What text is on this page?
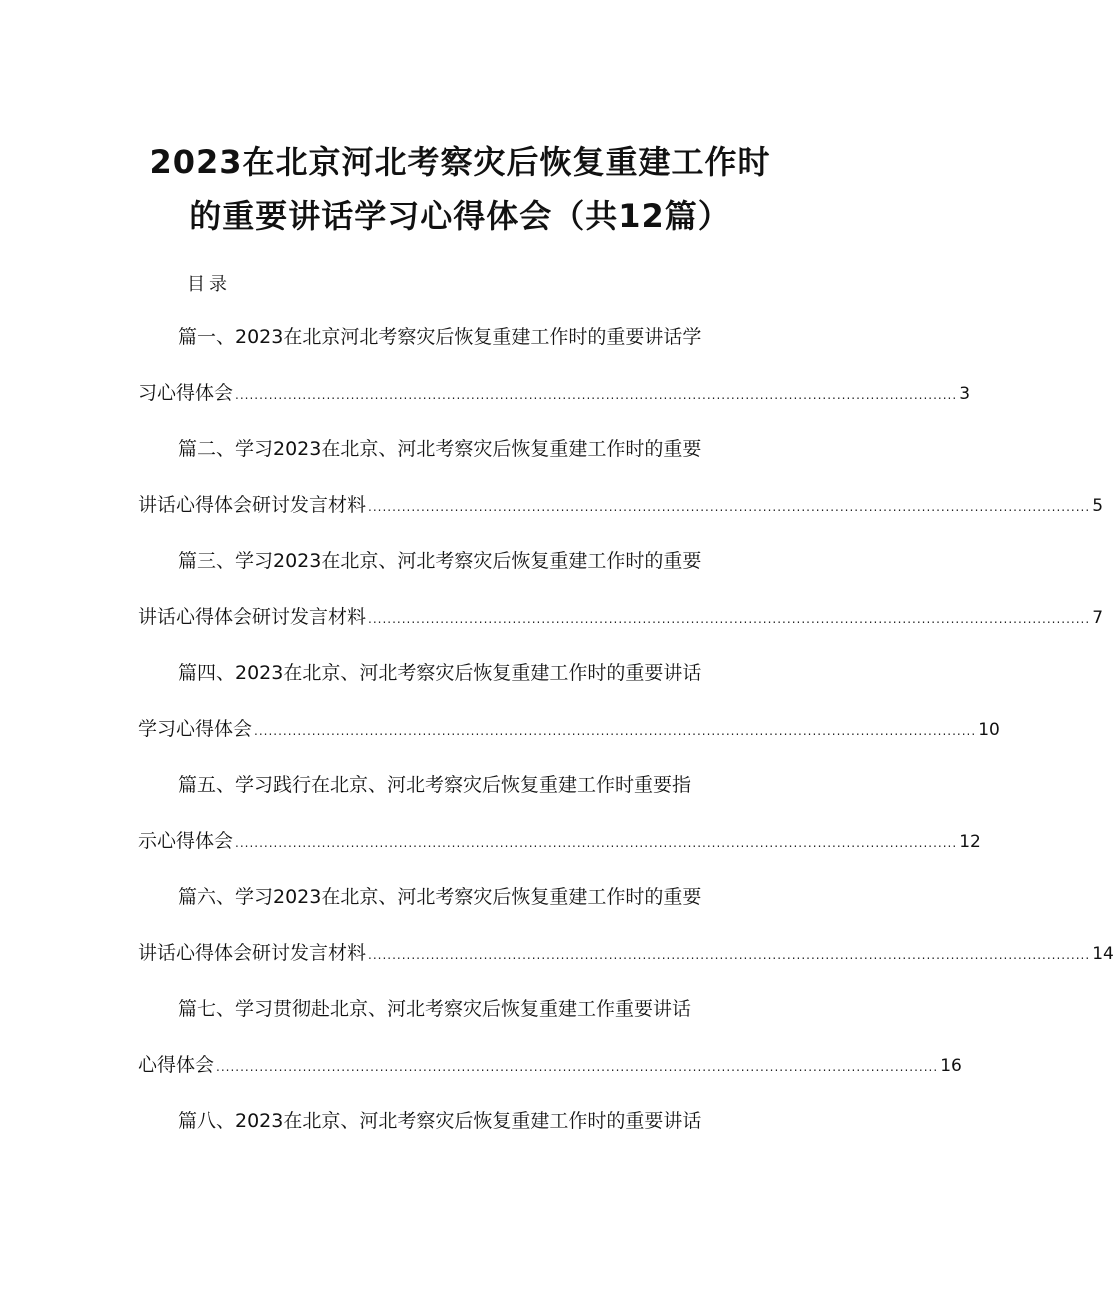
2023在北京河北考察灾后恢复重建工作时
的重要讲话学习心得体会（共12篇）
目录
篇一、2023在北京河北考察灾后恢复重建工作时的重要讲话学
习心得体会 ...................................................................................................................................................... 3
篇二、学习2023在北京、河北考察灾后恢复重建工作时的重要
讲话心得体会研讨发言材料 ...................................................................................................................................................... 5
篇三、学习2023在北京、河北考察灾后恢复重建工作时的重要
讲话心得体会研讨发言材料 ...................................................................................................................................................... 7
篇四、2023在北京、河北考察灾后恢复重建工作时的重要讲话
学习心得体会 ...................................................................................................................................................... 10
篇五、学习践行在北京、河北考察灾后恢复重建工作时重要指
示心得体会 ...................................................................................................................................................... 12
篇六、学习2023在北京、河北考察灾后恢复重建工作时的重要
讲话心得体会研讨发言材料 ...................................................................................................................................................... 14
篇七、学习贯彻赴北京、河北考察灾后恢复重建工作重要讲话
心得体会 ...................................................................................................................................................... 16
篇八、2023在北京、河北考察灾后恢复重建工作时的重要讲话
